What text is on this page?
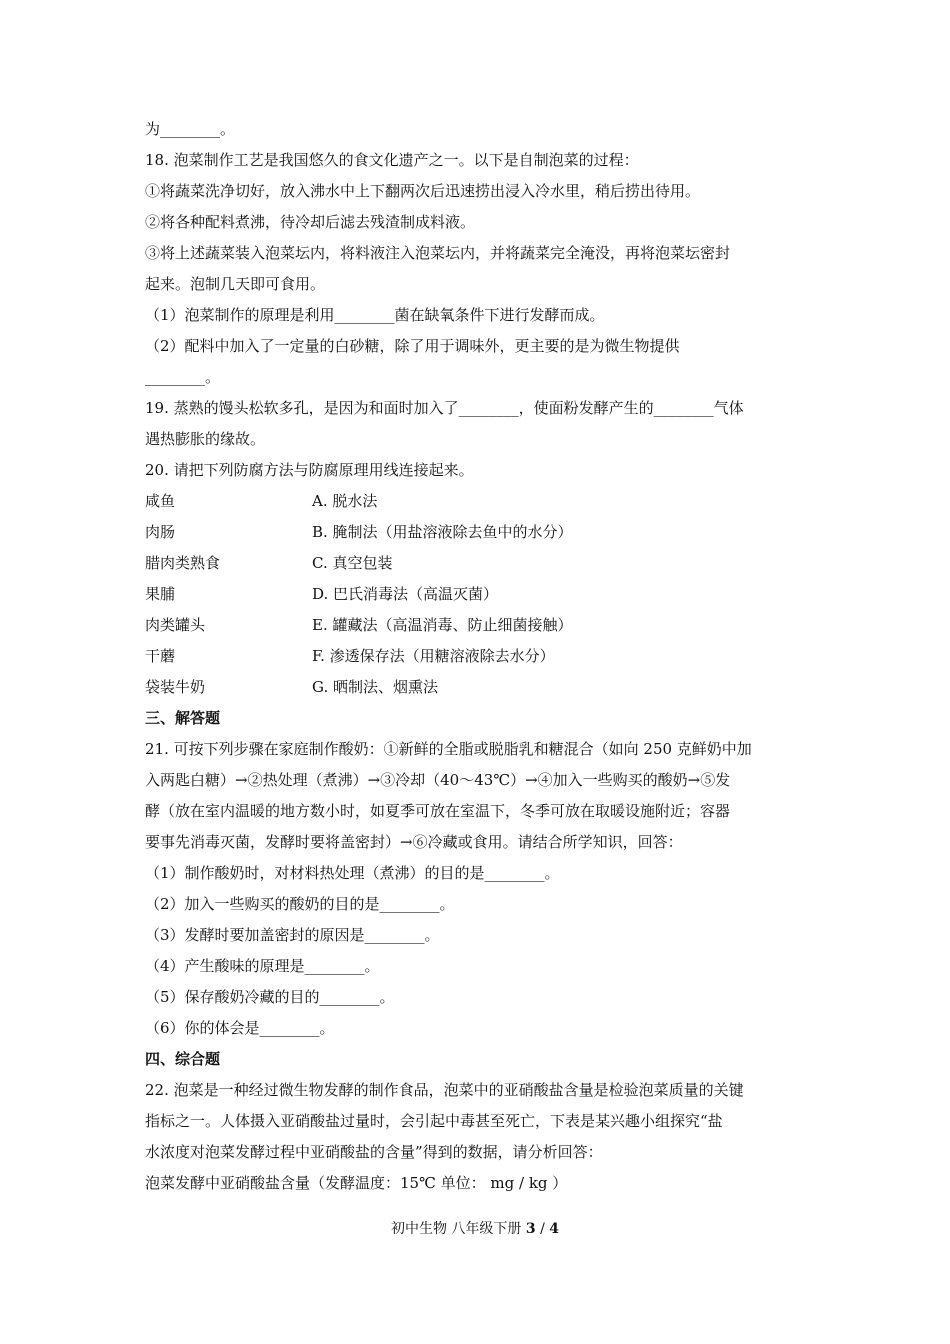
为________。
18. 泡菜制作工艺是我国悠久的食文化遗产之一。以下是自制泡菜的过程：
①将蔬菜洗净切好，放入沸水中上下翻两次后迅速捞出浸入冷水里，稍后捞出待用。
②将各种配料煮沸，待冷却后滤去残渣制成料液。
③将上述蔬菜装入泡菜坛内，将料液注入泡菜坛内，并将蔬菜完全淹没，再将泡菜坛密封
起来。泡制几天即可食用。
（1）泡菜制作的原理是利用________菌在缺氧条件下进行发酵而成。
（2）配料中加入了一定量的白砂糖，除了用于调味外，更主要的是为微生物提供
________。
19. 蒸熟的馒头松软多孔，是因为和面时加入了________，使面粉发酵产生的________气体
遇热膨胀的缘故。
20. 请把下列防腐方法与防腐原理用线连接起来。
咸鱼	A. 脱水法
肉肠	B. 腌制法（用盐溶液除去鱼中的水分）
腊肉类熟食	C. 真空包装
果脯	D. 巴氏消毒法（高温灭菌）
肉类罐头	E. 罐藏法（高温消毒、防止细菌接触）
干蘑	F. 渗透保存法（用糖溶液除去水分）
袋装牛奶	G. 晒制法、烟熏法
三、解答题
21. 可按下列步骤在家庭制作酸奶：①新鲜的全脂或脱脂乳和糖混合（如向 250 克鲜奶中加
入两匙白糖）→②热处理（煮沸）→③冷却（40～43℃）→④加入一些购买的酸奶→⑤发
酵（放在室内温暖的地方数小时，如夏季可放在室温下，冬季可放在取暖设施附近；容器
要事先消毒灭菌，发酵时要将盖密封）→⑥冷藏或食用。请结合所学知识，回答：
（1）制作酸奶时，对材料热处理（煮沸）的目的是________。
（2）加入一些购买的酸奶的目的是________。
（3）发酵时要加盖密封的原因是________。
（4）产生酸味的原理是________。
（5）保存酸奶冷藏的目的________。
（6）你的体会是________。
四、综合题
22. 泡菜是一种经过微生物发酵的制作食品，泡菜中的亚硝酸盐含量是检验泡菜质量的关键
指标之一。人体摄入亚硝酸盐过量时，会引起中毒甚至死亡，下表是某兴趣小组探究“盐
水浓度对泡菜发酵过程中亚硝酸盐的含量”得到的数据，请分析回答：
泡菜发酵中亚硝酸盐含量（发酵温度：15℃ 单位： mg / kg ）
初中生物 八年级下册 3 / 4
